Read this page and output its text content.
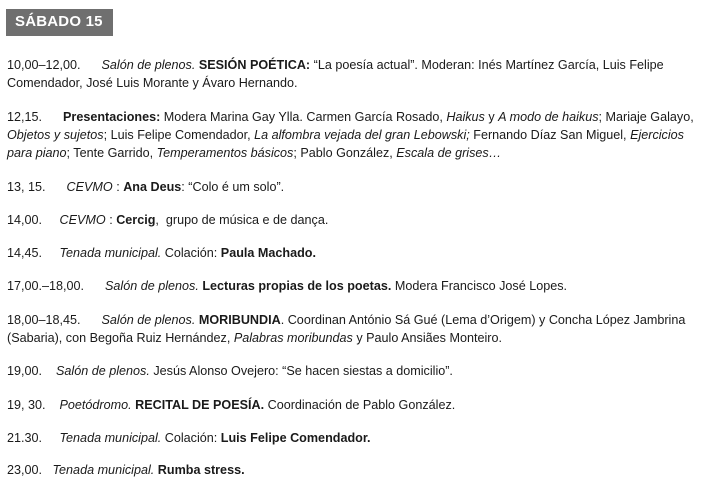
SÁBADO 15

10,00–12,00.      Salón de plenos. SESIÓN POÉTICA: “La poesía actual”. Moderan: Inés Martínez García, Luis Felipe Comendador, José Luis Morante y Ávaro Hernando.

12,15.      Presentaciones: Modera Marina Gay Ylla. Carmen García Rosado, Haikus y A modo de haikus; Mariaje Galayo, Objetos y sujetos; Luis Felipe Comendador, La alfombra vejada del gran Lebowski; Fernando Díaz San Miguel, Ejercicios para piano; Tente Garrido, Temperamentos básicos; Pablo González, Escala de grises…

13, 15.      CEVMO : Ana Deus: “Colo é um solo”.

14,00.     CEVMO : Cercig,  grupo de música e de dança.

14,45.     Tenada municipal. Colación: Paula Machado.

17,00.–18,00.      Salón de plenos. Lecturas propias de los poetas. Modera Francisco José Lopes.

18,00–18,45.      Salón de plenos. MORIBUNDIA. Coordinan António Sá Gué (Lema d’Origem) y Concha López Jambrina (Sabaria), con Begoña Ruiz Hernández, Palabras moribundas y Paulo Ansiães Monteiro.

19,00.    Salón de plenos. Jesús Alonso Ovejero: “Se hacen siestas a domicilio”.

19, 30.    Poetódromo. RECITAL DE POESÍA. Coordinación de Pablo González.

21.30.     Tenada municipal. Colación: Luis Felipe Comendador.

23,00.   Tenada municipal. Rumba stress.
